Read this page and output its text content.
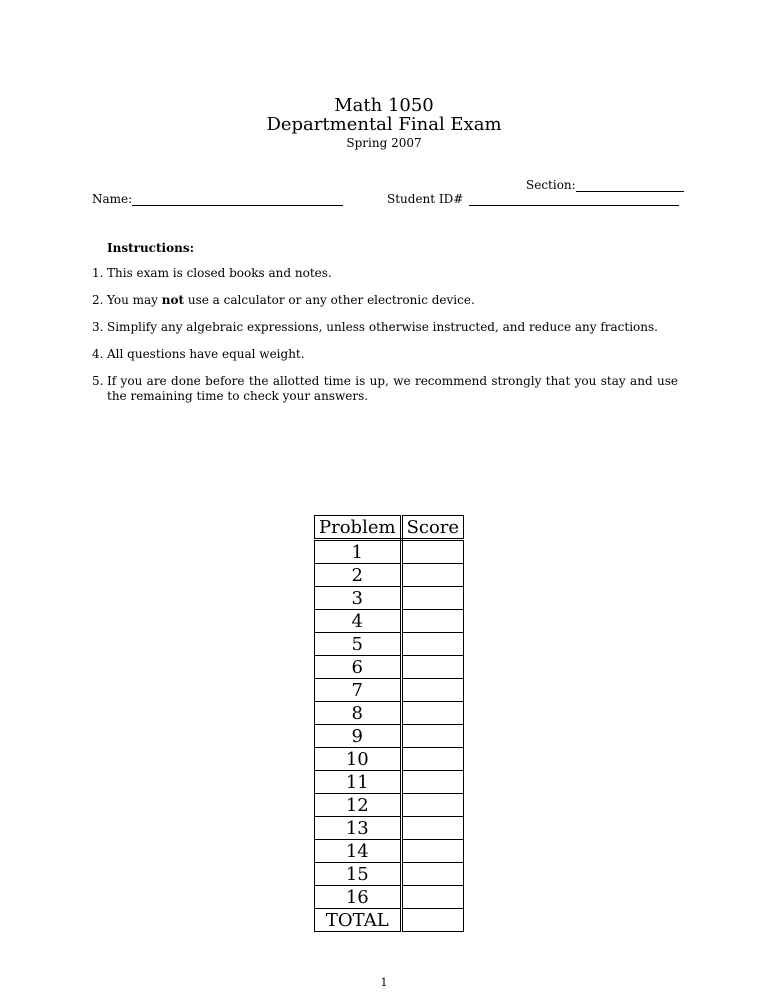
Math 1050
Departmental Final Exam
Spring 2007
Section:
Name:	Student ID#
Instructions:
1. This exam is closed books and notes.
2. You may not use a calculator or any other electronic device.
3. Simplify any algebraic expressions, unless otherwise instructed, and reduce any fractions.
4. All questions have equal weight.
5. If you are done before the allotted time is up, we recommend strongly that you stay and use the remaining time to check your answers.
Problem	Score
1	
2	
3	
4	
5	
6	
7	
8	
9	
10	
11	
12	
13	
14	
15	
16	
TOTAL	
1
